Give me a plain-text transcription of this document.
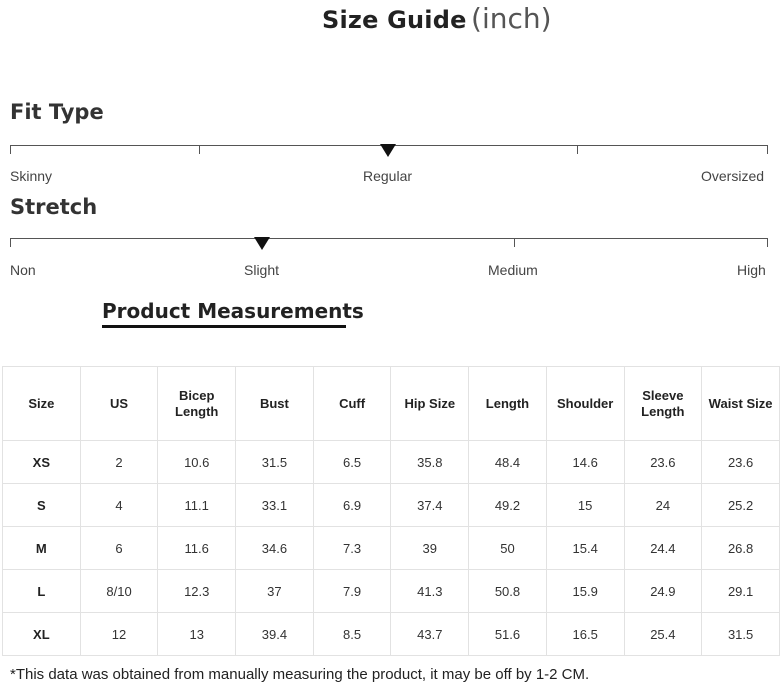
Size Guide (inch)
Fit Type
Skinny	Regular	Oversized
Stretch
Non	Slight	Medium	High
Product Measurements
Size	US	Bicep Length	Bust	Cuff	Hip Size	Length	Shoulder	Sleeve Length	Waist Size
XS	2	10.6	31.5	6.5	35.8	48.4	14.6	23.6	23.6
S	4	11.1	33.1	6.9	37.4	49.2	15	24	25.2
M	6	11.6	34.6	7.3	39	50	15.4	24.4	26.8
L	8/10	12.3	37	7.9	41.3	50.8	15.9	24.9	29.1
XL	12	13	39.4	8.5	43.7	51.6	16.5	25.4	31.5
*This data was obtained from manually measuring the product, it may be off by 1-2 CM.
